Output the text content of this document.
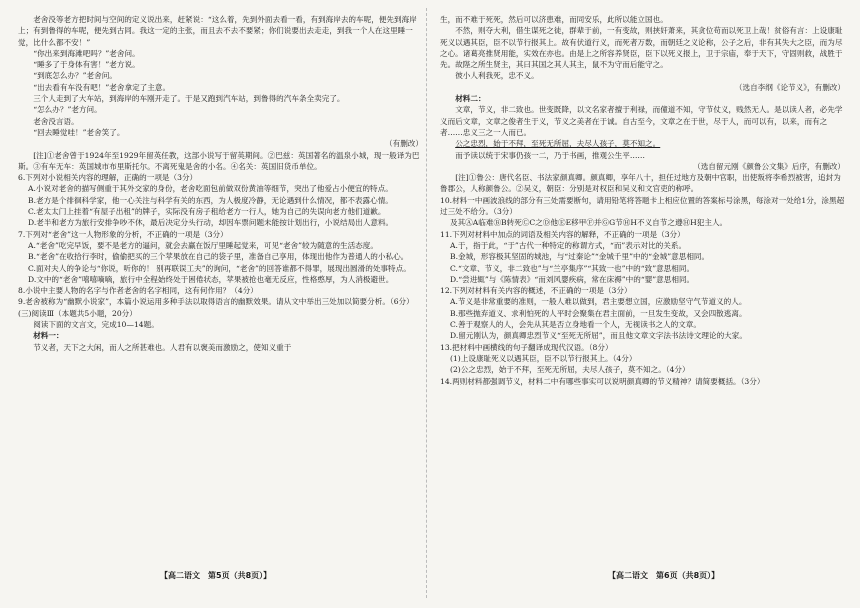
老舍没等老方把时间与空间的定义说出来，赶紧说：“这么着，先到外面去看一看，有到海岸去的车呢，便先到海岸上；有到鲁得的车呢，便先到古同。我这一定的主张，而且去不去不要紧；你们说要出去走走，到我一个人在这里睡一觉，比什么都不安！”

“你出来到海滩吧吗？”老舍问。

“睡多了于身体有害！”老方说。

“到底怎么办？”老舍问。

“出去看有车没有吧！”老舍拿定了主意。

三个人走到了大车站，到海岸的车刚开走了。于是又跑到汽车站，到鲁得的汽车条全卖完了。

“怎么办？”老方问。

老舍没言语。

“回去睡觉哇！”老舍笑了。

（有删改）

[注]①老舍曾于1924年至1929年留英任教，这部小说写于留英期间。②巴兹：英国著名的温泉小城，现一般译为巴斯。③有车无车：英国城市布里斯托尔。不离死鬼是舍的小名。④名关：英国旧货币单位。

6.下列对小说相关内容的理解，正确的一项是（3分）

A.小说对老舍的描写侧重于其外交家的身份，老舍吃面包前做双份黄油等细节，突出了他爱占小便宜的特点。

B.老方是个徘徊科学家，他一心关注与科学有关的东西，为人极度冷静，无论遇到什么情况，都不表露心情。

C.老太太门上挂着“有屋子出租”的牌子，实际没有房子租给老方一行人，她为自己的失误向老方他们道歉。

D.老半和老方为旅行安排争吵不休，最后决定分头行动，却因车票问题未能按计划出行，小说结局出人意料。

7.下列对“老舍”这一人物形象的分析，不正确的一项是（3分）

A.“老舍”吃完早饭，要不是老方的逼问，就会去赢在饭厅里睡起觉来，可见“老舍”较为随意的生活态度。

B.“老舍”在收拾行李时，偷偷把买的三个苹果放在自己的袋子里，准备自己享用，体现出他作为普通人的小私心。

C.面对夫人的争论与“你说，听你的！ 别再联误工夫”的询问，“老舍”的回答谁都不得罪，展现出圆滑的处事特点。

D.文中的“老舍”嘻嘻嘀嘀，旅行中全程始终处于困倦状态，苹果被抢也毫无反应，性格憨厚，为人消极避世。

8.小说中主要人物的名字与作者老舍的名字相同，这有何作用？（4分）

9.老舍被称为“幽默小说家”，本篇小说运用多种手法以取得语言的幽默效果。请从文中举出三处加以简要分析。（6分）

(三)阅读Ⅲ（本题共5小题，20分）

阅读下面的文言文，完成10—14题。

材料一：

节义者，天下之大闲，而人之所甚难也。人君有以褒美而激励之，使知义重于

生，而不难于死死，然后可以济患难，而同安乐，此所以能立国也。

不然，则夺大利，借生谋死之徒，群辈于前，一有变故，则挟奸萧来，其贪位苟而以死卫上哉！贫俗有言：上设康耻死义以遇其臣，臣不以节行报其上。故有伏道行义，而死者万数，而朝廷之义论称，公子之后，非有其失大之臣，而为尽之心。诸葛亮推贤用能，实效在亦也。由是上之所容养贤臣，臣下以死义报上，卫于宗庙，奉于天下，守固则救，战胜于先。故陛之所生贤主，其曰其国之其人其主，鼠不为守而后能守之。

彼小人利我死，忠不义。

（选自李纲《论节义》，有删改）

材料二：

文章，节义，非二致也。世变既降，以文名家者擅于利禄，而僮道不知，守节仗义，贱然无人。是以读人者，必先学义而后文章，文章之俊者生于义，节义之美者在于诚。自古至今，文章之在于世，尽于人，而可以有，以来，而有之者……忠义三之一人而已。

公之忠烈，始于不拜，至死无所屈，夫尽人孩子，莫不知之。

而予读以统于宋事仍孩一二，乃于书画，推观公生平……

（选自留元刚《颜鲁公文集》后序，有删改）

[注]①鲁公：唐代名臣、书法家颜真卿。颜真卿，享年八十，担任过地方及朝中官职，出使叛将李希烈被害，追封为鲁郡公，人称颜鲁公。②吴义，朝臣：分别是对权臣和吴义和文官吏的称呼。

10.材料一中画波浪线的部分有三处需要断句，请用铅笔将答题卡上相应位置的答案标号涂黑，每涂对一处给1分，涂黑超过三处不给分。（3分）

及其ⒶA临难ⒷB转死ⒸC之Ⓓ他ⒺE移甲Ⓕ并ⒼG节ⒽH不义自节之遵ⒽH犯主人。

11.下列对材料中加点的词语及相关内容的解释，不正确的一项是（3分）

A.于，指于此，“于”古代一种特定的称谓方式，“而”表示对比的关系。

B.金城，形容极其坚固的城池，与“过秦论”“金城千里”中的“金城”意思相同。

C.“文章、节义，非二致也”与“兰亭集序”“其致一也”中的“致”意思相同。

D.“尝进辄”与《陈情表》“而刘风婴疾病，常在床褥”中的“婴”意思相同。

12.下列对材料有关内容的概述，不正确的一项是（3分）

A.节义是非常重要的准则，一般人难以做到，君主要想立国，应激励坚守气节道义的人。

B.那些抛弃道义、求利怕死的人平时会聚集在君主面前，一旦发生变故，又会四散逃离。

C.善于观察人的人，会先从其是否立身地看一个人，无视读书之人的文章。

D.留元刚认为，颜真卿忠烈节义“至死无所屈”，而且他文章文字法书法诗文理论的大家。

13.把材料中画横线的句子翻译成现代汉语。（8分）

(1)上设康耻死义以遇其臣，臣不以节行报其上。（4分）

(2)公之忠烈，始于不拜，至死无所屈，夫尽人孩子，莫不知之。（4分）

14.两则材料都强调节义，材料二中有哪些事实可以说明颜真卿的节义精神？请简要概括。（3分）

【高二语文　第5页（共8页）】	【高二语文　第6页（共8页）】
